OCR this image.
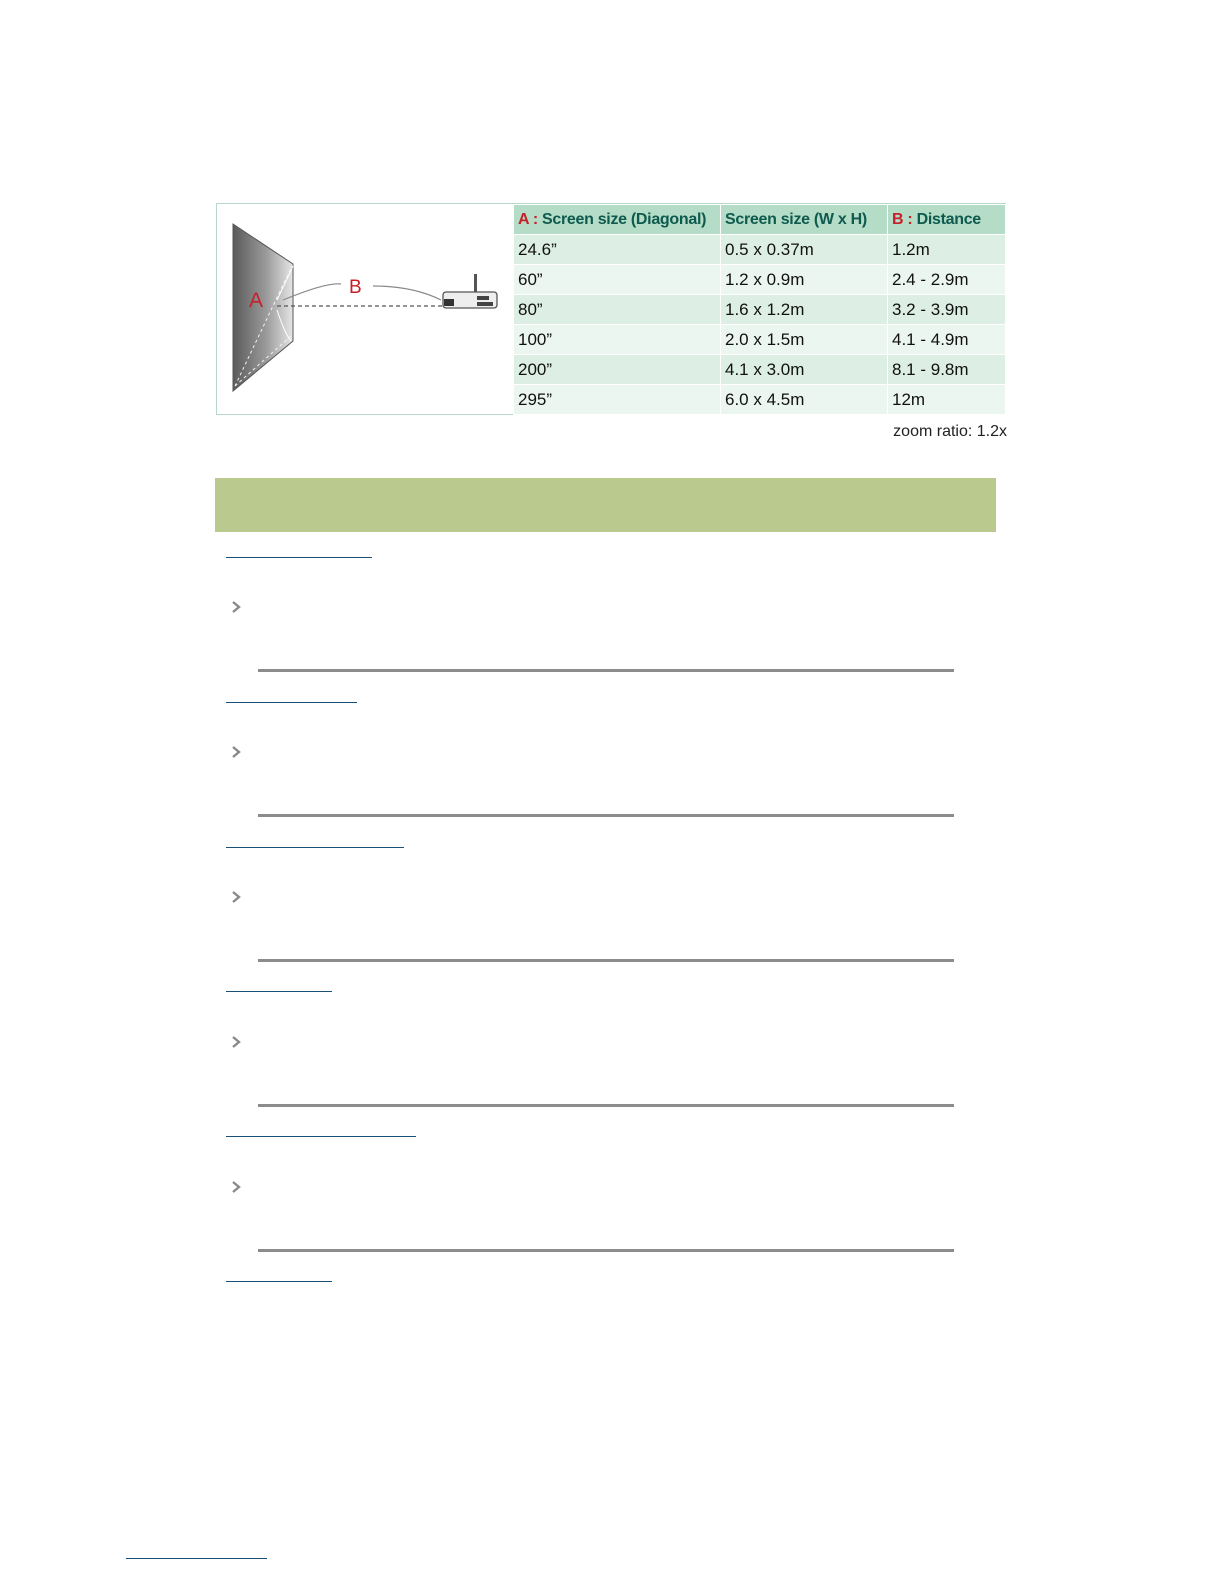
A
B
A : Screen size (Diagonal)	Screen size (W x H)	B : Distance
24.6”	0.5 x 0.37m	1.2m
60”	1.2 x 0.9m	2.4 - 2.9m
80”	1.6 x 1.2m	3.2 - 3.9m
100”	2.0 x 1.5m	4.1 - 4.9m
200”	4.1 x 3.0m	8.1 - 9.8m
295”	6.0 x 4.5m	12m
zoom ratio: 1.2x
